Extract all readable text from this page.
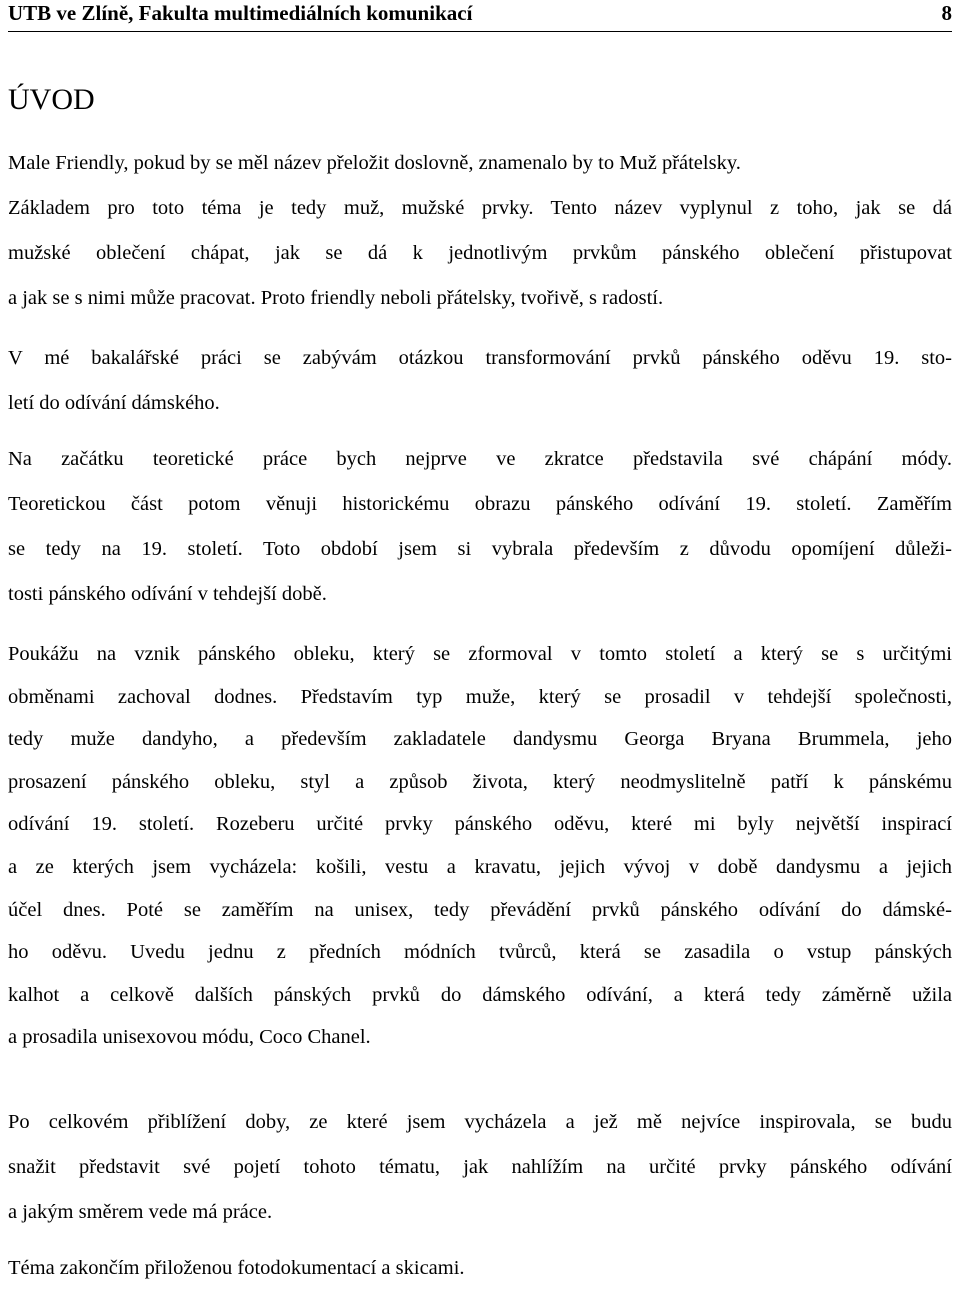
UTB ve Zlíně, Fakulta multimediálních komunikací	8
ÚVOD

Male Friendly, pokud by se měl název přeložit doslovně, znamenalo by to Muž přátelsky.
Základem pro toto téma je tedy muž, mužské prvky. Tento název vyplynul z toho, jak se dá
mužské oblečení chápat, jak se dá k jednotlivým prvkům pánského oblečení přistupovat
a jak se s nimi může pracovat. Proto friendly neboli přátelsky, tvořivě, s radostí.

V mé bakalářské práci se zabývám otázkou transformování prvků pánského oděvu 19. sto-
letí do odívání dámského.

Na začátku teoretické práce bych nejprve ve zkratce představila své chápání módy.
Teoretickou část potom věnuji historickému obrazu pánského odívání 19. století. Zaměřím
se tedy na 19. století. Toto období jsem si vybrala především z důvodu opomíjení důleži-
tosti pánského odívání v tehdejší době.

Poukážu na vznik pánského obleku, který se zformoval v tomto století a který se s určitými
obměnami zachoval dodnes. Představím typ muže, který se prosadil v tehdejší společnosti,
tedy muže dandyho, a především zakladatele dandysmu Georga Bryana Brummela, jeho
prosazení pánského obleku, styl a způsob života, který neodmyslitelně patří k pánskému
odívání 19. století. Rozeberu určité prvky pánského oděvu, které mi byly největší inspirací
a ze kterých jsem vycházela: košili, vestu a kravatu, jejich vývoj v době dandysmu a jejich
účel dnes. Poté se zaměřím na unisex, tedy převádění prvků pánského odívání do dámské-
ho oděvu. Uvedu jednu z předních módních tvůrců, která se zasadila o vstup pánských
kalhot a celkově dalších pánských prvků do dámského odívání, a která tedy záměrně užila
a prosadila unisexovou módu, Coco Chanel.

Po celkovém přiblížení doby, ze které jsem vycházela a jež mě nejvíce inspirovala, se budu
snažit představit své pojetí tohoto tématu, jak nahlížím na určité prvky pánského odívání
a jakým směrem vede má práce.

Téma zakončím přiloženou fotodokumentací a skicami.
